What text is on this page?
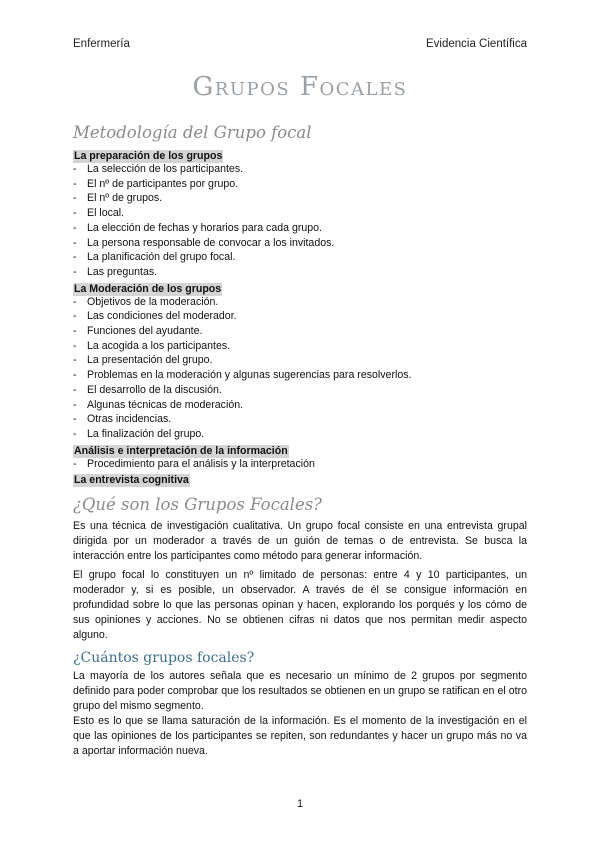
Enfermería	Evidencia Científica
Grupos Focales
Metodología del Grupo focal
La preparación de los grupos
- La selección de los participantes.
- El nº de participantes por grupo.
- El nº de grupos.
- El local.
- La elección de fechas y horarios para cada grupo.
- La persona responsable de convocar a los invitados.
- La planificación del grupo focal.
- Las preguntas.
La Moderación de los grupos
- Objetivos de la moderación.
- Las condiciones del moderador.
- Funciones del ayudante.
- La acogida a los participantes.
- La presentación del grupo.
- Problemas en la moderación y algunas sugerencias para resolverlos.
- El desarrollo de la discusión.
- Algunas técnicas de moderación.
- Otras incidencias.
- La finalización del grupo.
Análisis e interpretación de la información
- Procedimiento para el análisis y la interpretación
La entrevista cognitiva
¿Qué son los Grupos Focales?

Es una técnica de investigación cualitativa. Un grupo focal consiste en una entrevista grupal dirigida por un moderador a través de un guión de temas o de entrevista. Se busca la interacción entre los participantes como método para generar información.

El grupo focal lo constituyen un nº limitado de personas: entre 4 y 10 participantes, un moderador y, si es posible, un observador. A través de él se consigue información en profundidad sobre lo que las personas opinan y hacen, explorando los porqués y los cómo de sus opiniones y acciones. No se obtienen cifras ni datos que nos permitan medir aspecto alguno.

¿Cuántos grupos focales?

La mayoría de los autores señala que es necesario un mínimo de 2 grupos por segmento definido para poder comprobar que los resultados se obtienen en un grupo se ratifican en el otro grupo del mismo segmento.

Esto es lo que se llama saturación de la información. Es el momento de la investigación en el que las opiniones de los participantes se repiten, son redundantes y hacer un grupo más no va a aportar información nueva.

1
